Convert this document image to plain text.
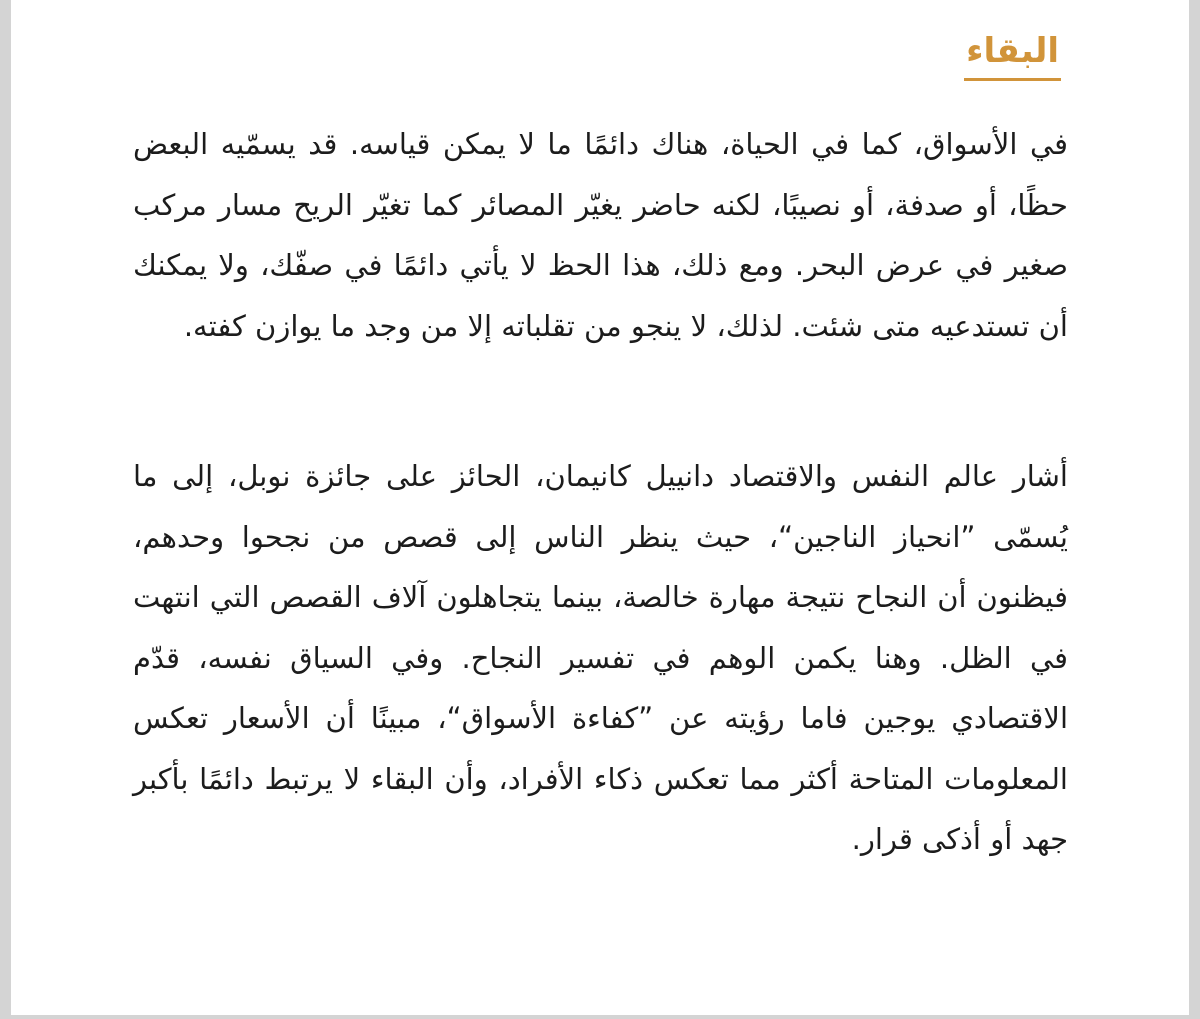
البقاء

في الأسواق، كما في الحياة، هناك دائمًا ما لا يمكن قياسه. قد يسمّيه البعض حظًا، أو صدفة، أو نصيبًا، لكنه حاضر يغيّر المصائر كما تغيّر الريح مسار مركب صغير في عرض البحر. ومع ذلك، هذا الحظ لا يأتي دائمًا في صفّك، ولا يمكنك أن تستدعيه متى شئت. لذلك، لا ينجو من تقلباته إلا من وجد ما يوازن كفته.

أشار عالم النفس والاقتصاد دانييل كانيمان، الحائز على جائزة نوبل، إلى ما يُسمّى ”انحياز الناجين“، حيث ينظر الناس إلى قصص من نجحوا وحدهم، فيظنون أن النجاح نتيجة مهارة خالصة، بينما يتجاهلون آلاف القصص التي انتهت في الظل. وهنا يكمن الوهم في تفسير النجاح. وفي السياق نفسه، قدّم الاقتصادي يوجين فاما رؤيته عن ”كفاءة الأسواق“، مبينًا أن الأسعار تعكس المعلومات المتاحة أكثر مما تعكس ذكاء الأفراد، وأن البقاء لا يرتبط دائمًا بأكبر جهد أو أذكى قرار.
